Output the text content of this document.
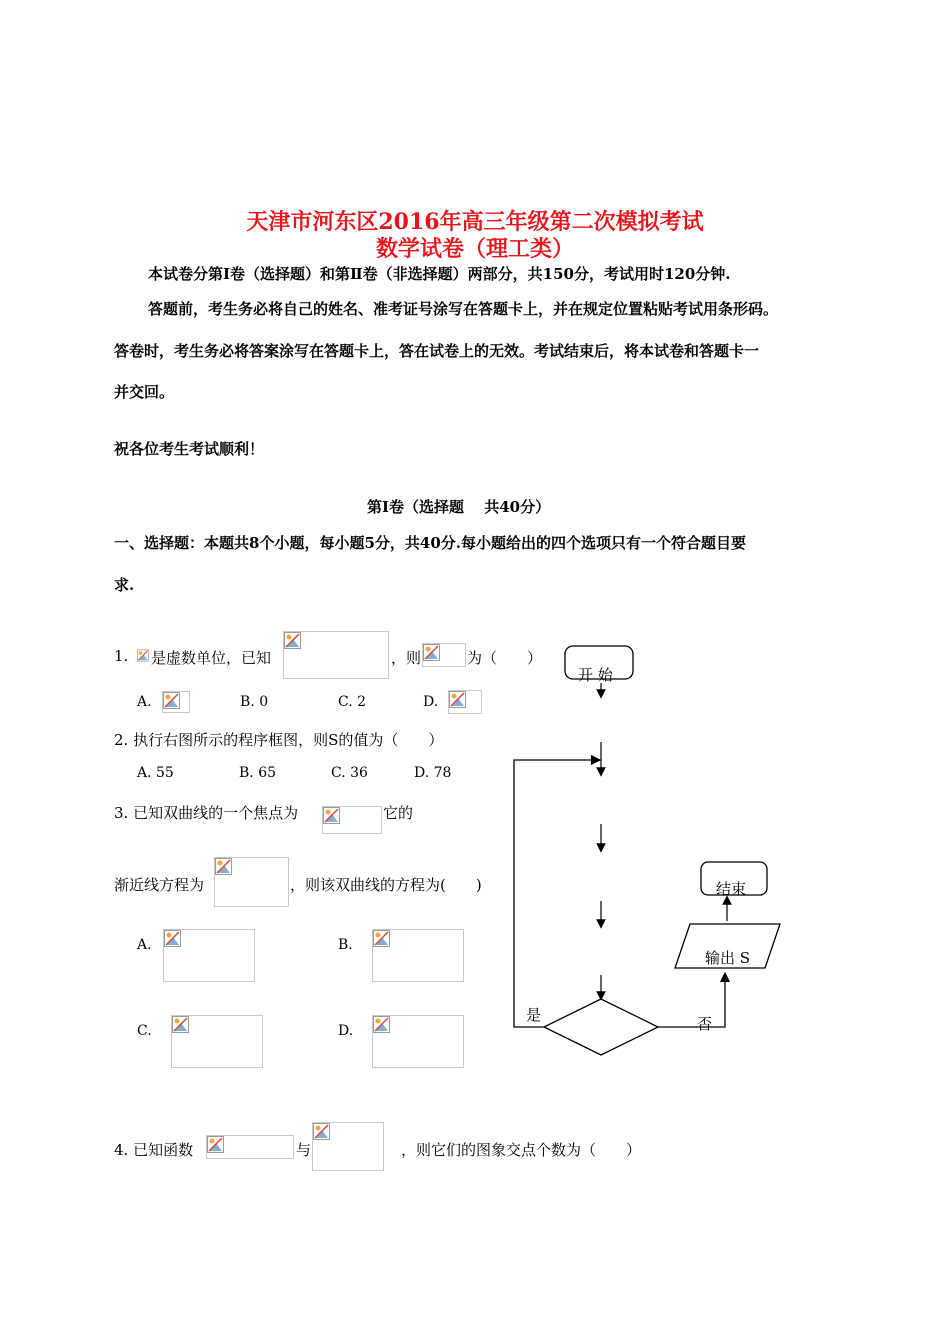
天津市河东区2016年高三年级第二次模拟考试
数学试卷（理工类）
本试卷分第Ⅰ卷（选择题）和第Ⅱ卷（非选择题）两部分，共150分，考试用时120分钟.
答题前，考生务必将自己的姓名、准考证号涂写在答题卡上，并在规定位置粘贴考试用条形码。
答卷时，考生务必将答案涂写在答题卡上，答在试卷上的无效。考试结束后，将本试卷和答题卡一
并交回。
祝各位考生考试顺利！
第Ⅰ卷（选择题　 共40分）
一、选择题：本题共8个小题，每小题5分，共40分.每小题给出的四个选项只有一个符合题目要
求.
1. 是虚数单位，已知	，则	为（　　）
A.	B. 0	C. 2	D.
2. 执行右图所示的程序框图，则S的值为（　　）
A. 55	B. 65	C. 36	D. 78
3. 已知双曲线的一个焦点为	它的
渐近线方程为	，则该双曲线的方程为(　　)
A.	B.
C.	D.
4. 已知函数	与	，则它们的图象交点个数为（　　）
开 始
结束
输出 S
是	否
